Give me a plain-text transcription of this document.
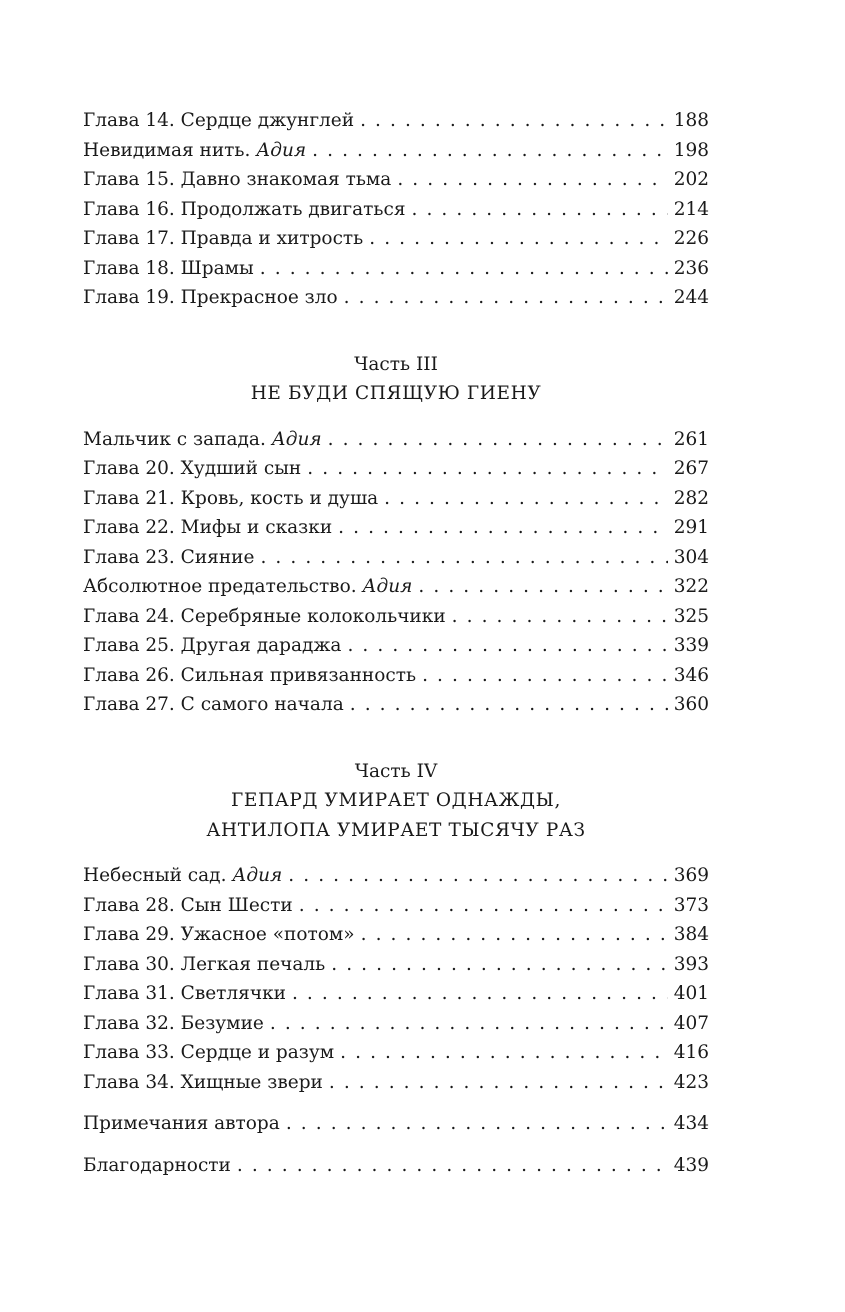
Глава 14. Сердце джунглей . . .	188
Невидимая нить. Адия . . .	198
Глава 15. Давно знакомая тьма . . .	202
Глава 16. Продолжать двигаться . . .	214
Глава 17. Правда и хитрость . . .	226
Глава 18. Шрамы . . .	236
Глава 19. Прекрасное зло . . .	244
Часть III
НЕ БУДИ СПЯЩУЮ ГИЕНУ
Мальчик с запада. Адия . . .	261
Глава 20. Худший сын . . .	267
Глава 21. Кровь, кость и душа . . .	282
Глава 22. Мифы и сказки . . .	291
Глава 23. Сияние . . .	304
Абсолютное предательство. Адия . . .	322
Глава 24. Серебряные колокольчики . . .	325
Глава 25. Другая дараджа . . .	339
Глава 26. Сильная привязанность . . .	346
Глава 27. С самого начала . . .	360
Часть IV
ГЕПАРД УМИРАЕТ ОДНАЖДЫ,
АНТИЛОПА УМИРАЕТ ТЫСЯЧУ РАЗ
Небесный сад. Адия . . .	369
Глава 28. Сын Шести . . .	373
Глава 29. Ужасное «потом» . . .	384
Глава 30. Легкая печаль . . .	393
Глава 31. Светлячки . . .	401
Глава 32. Безумие . . .	407
Глава 33. Сердце и разум . . .	416
Глава 34. Хищные звери . . .	423
Примечания автора . . .	434
Благодарности . . .	439
